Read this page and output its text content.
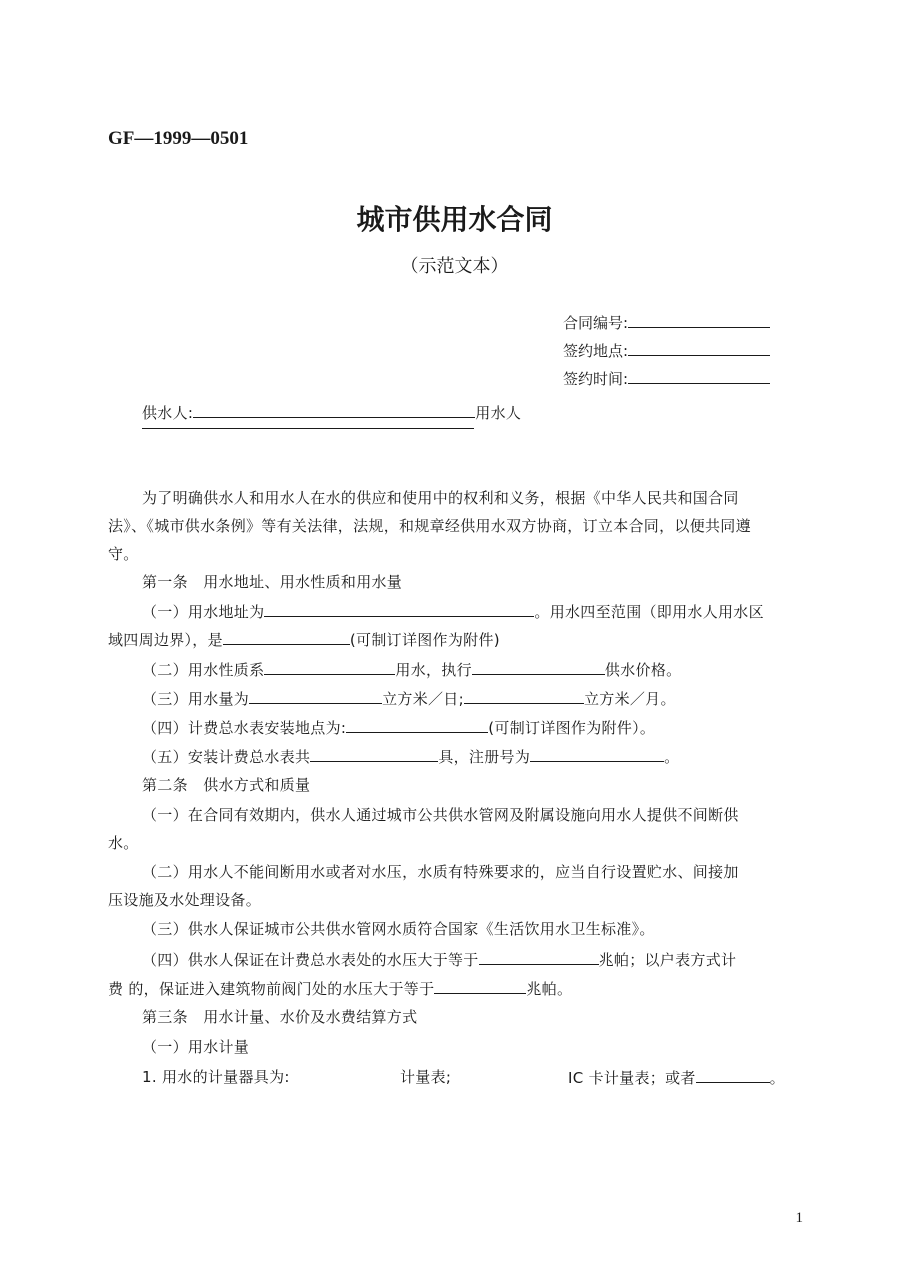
GF—1999—0501
城市供用水合同
（示范文本）
合同编号:
签约地点:
签约时间:
供水人:	用水人
为了明确供水人和用水人在水的供应和使用中的权利和义务，根据《中华人民共和国合同
法》、《城市供水条例》等有关法律，法规，和规章经供用水双方协商，订立本合同，以便共同遵
守。
第一条　用水地址、用水性质和用水量
（一）用水地址为	。用水四至范围（即用水人用水区
域四周边界），是	(可制订详图作为附件)
（二）用水性质系	用水，执行	供水价格。
（三）用水量为	立方米／日;	立方米／月。
（四）计费总水表安装地点为:	(可制订详图作为附件）。
（五）安装计费总水表共	具，注册号为	。
第二条　供水方式和质量
（一）在合同有效期内，供水人通过城市公共供水管网及附属设施向用水人提供不间断供
水。
（二）用水人不能间断用水或者对水压，水质有特殊要求的，应当自行设置贮水、间接加
压设施及水处理设备。
（三）供水人保证城市公共供水管网水质符合国家《生活饮用水卫生标准》。
（四）供水人保证在计费总水表处的水压大于等于	兆帕；以户表方式计
费 的，保证进入建筑物前阀门处的水压大于等于	兆帕。
第三条　用水计量、水价及水费结算方式
（一）用水计量
1. 用水的计量器具为:	计量表;	IC 卡计量表；或者	。
1
